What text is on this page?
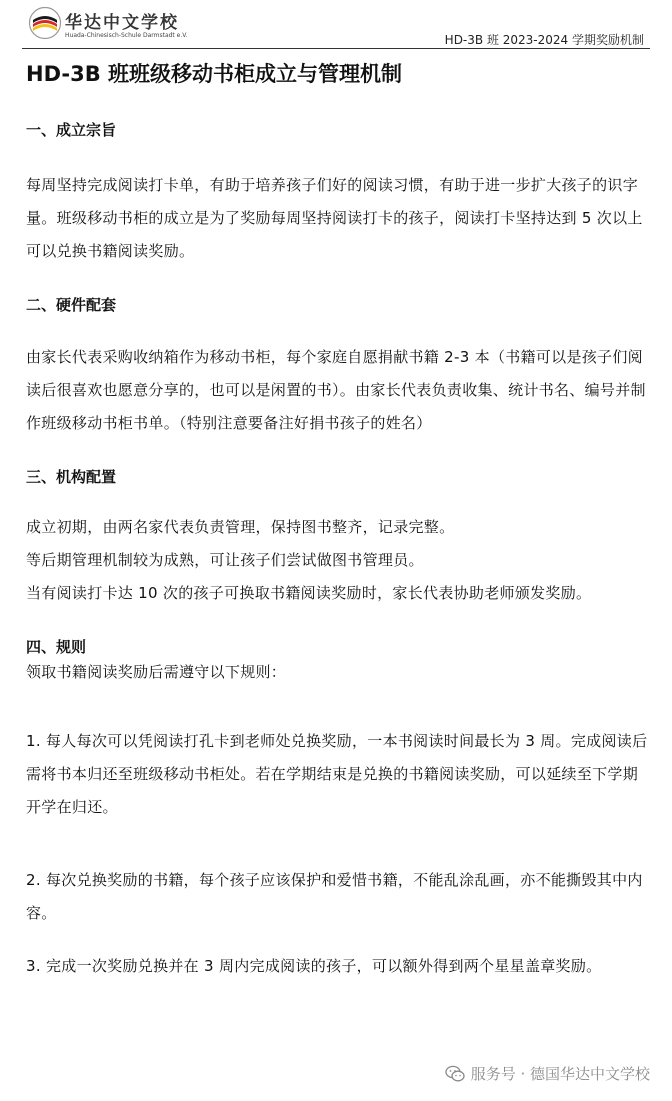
华达中文学校
Huada-Chinesisch-Schule Darmstadt e.V.	HD-3B 班 2023-2024 学期奖励机制
HD-3B 班班级移动书柜成立与管理机制
一、成立宗旨

每周坚持完成阅读打卡单，有助于培养孩子们好的阅读习惯，有助于进一步扩大孩子的识字量。班级移动书柜的成立是为了奖励每周坚持阅读打卡的孩子，阅读打卡坚持达到 5 次以上可以兑换书籍阅读奖励。

二、硬件配套

由家长代表采购收纳箱作为移动书柜，每个家庭自愿捐献书籍 2-3 本（书籍可以是孩子们阅读后很喜欢也愿意分享的，也可以是闲置的书）。由家长代表负责收集、统计书名、编号并制作班级移动书柜书单。（特别注意要备注好捐书孩子的姓名）

三、机构配置

成立初期，由两名家代表负责管理，保持图书整齐，记录完整。

等后期管理机制较为成熟，可让孩子们尝试做图书管理员。

当有阅读打卡达 10 次的孩子可换取书籍阅读奖励时，家长代表协助老师颁发奖励。

四、规则

领取书籍阅读奖励后需遵守以下规则：

1. 每人每次可以凭阅读打孔卡到老师处兑换奖励，一本书阅读时间最长为 3 周。完成阅读后需将书本归还至班级移动书柜处。若在学期结束是兑换的书籍阅读奖励，可以延续至下学期开学在归还。

2. 每次兑换奖励的书籍，每个孩子应该保护和爱惜书籍，不能乱涂乱画，亦不能撕毁其中内容。

3. 完成一次奖励兑换并在 3 周内完成阅读的孩子，可以额外得到两个星星盖章奖励。

服务号 · 德国华达中文学校
